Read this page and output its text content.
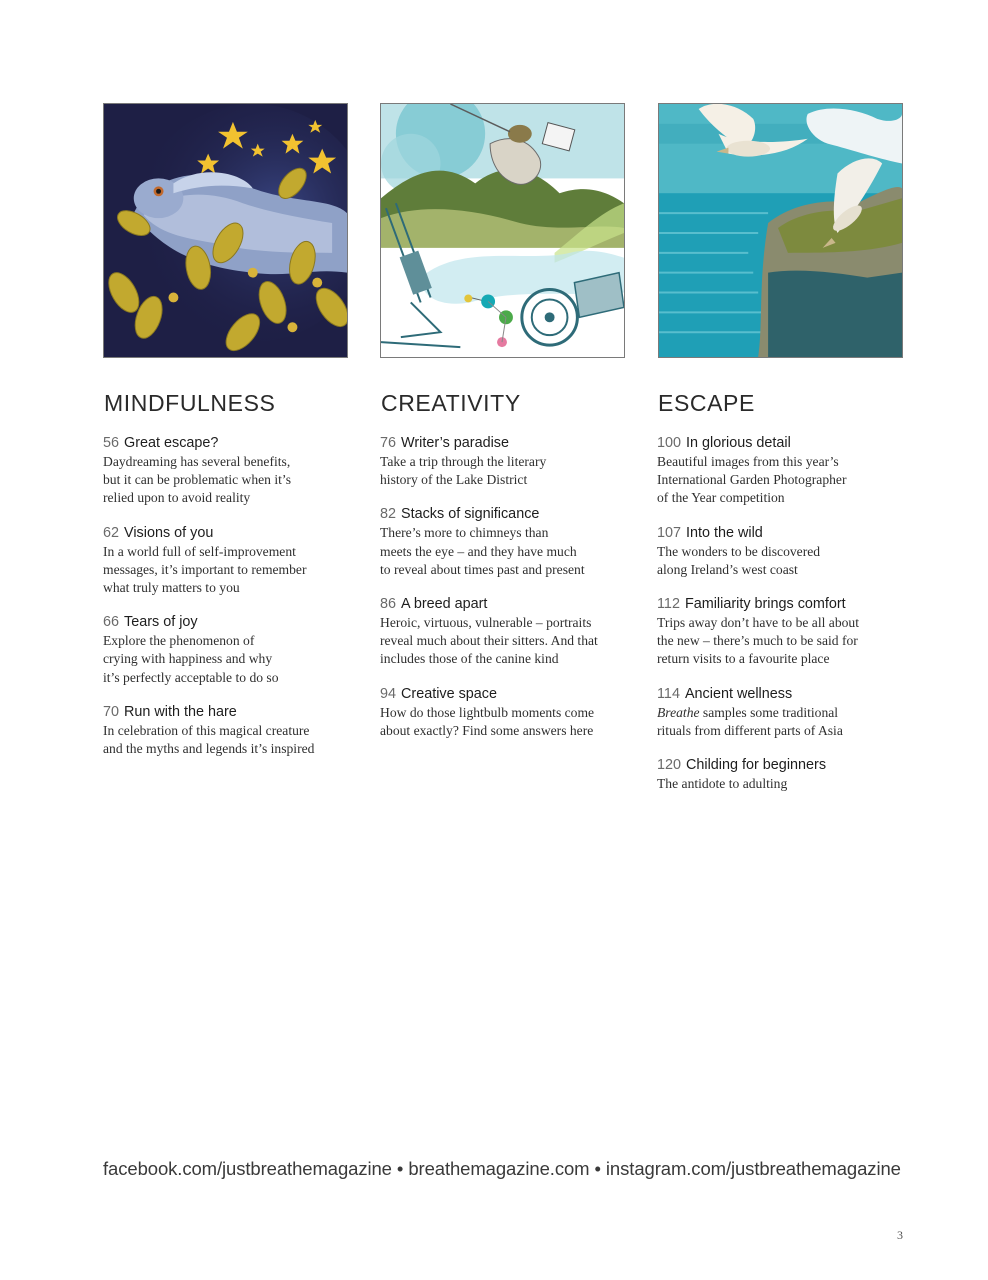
MINDFULNESS
56 Great escape?
Daydreaming has several benefits,
but it can be problematic when it’s
relied upon to avoid reality
62 Visions of you
In a world full of self-improvement
messages, it’s important to remember
what truly matters to you
66 Tears of joy
Explore the phenomenon of
crying with happiness and why
it’s perfectly acceptable to do so
70 Run with the hare
In celebration of this magical creature
and the myths and legends it’s inspired
CREATIVITY
76 Writer’s paradise
Take a trip through the literary
history of the Lake District
82 Stacks of significance
There’s more to chimneys than
meets the eye – and they have much
to reveal about times past and present
86 A breed apart
Heroic, virtuous, vulnerable – portraits
reveal much about their sitters. And that
includes those of the canine kind
94 Creative space
How do those lightbulb moments come
about exactly? Find some answers here
ESCAPE
100 In glorious detail
Beautiful images from this year’s
International Garden Photographer
of the Year competition
107 Into the wild
The wonders to be discovered
along Ireland’s west coast
112 Familiarity brings comfort
Trips away don’t have to be all about
the new – there’s much to be said for
return visits to a favourite place
114 Ancient wellness
Breathe samples some traditional
rituals from different parts of Asia
120 Childing for beginners
The antidote to adulting
facebook.com/justbreathemagazine • breathemagazine.com • instagram.com/justbreathemagazine
3
